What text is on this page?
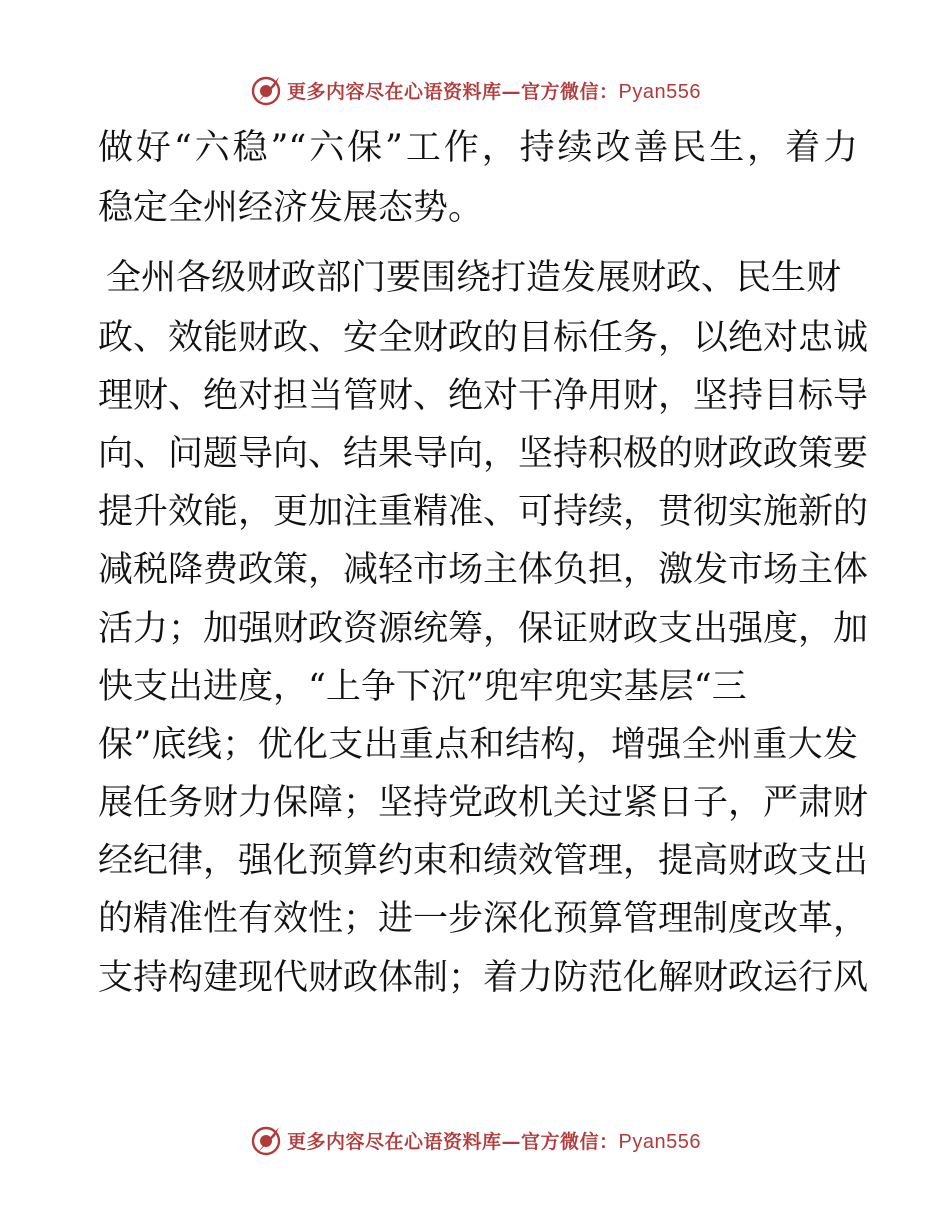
更多内容尽在心语资料库—官方微信：Pyan556
做好“六稳”“六保”工作，持续改善民生，着力
稳定全州经济发展态势。
全州各级财政部门要围绕打造发展财政、民生财
政、效能财政、安全财政的目标任务，以绝对忠诚
理财、绝对担当管财、绝对干净用财，坚持目标导
向、问题导向、结果导向，坚持积极的财政政策要
提升效能，更加注重精准、可持续，贯彻实施新的
减税降费政策，减轻市场主体负担，激发市场主体
活力；加强财政资源统筹，保证财政支出强度，加
快支出进度，“上争下沉”兜牢兜实基层“三
保”底线；优化支出重点和结构，增强全州重大发
展任务财力保障；坚持党政机关过紧日子，严肃财
经纪律，强化预算约束和绩效管理，提高财政支出
的精准性有效性；进一步深化预算管理制度改革，
支持构建现代财政体制；着力防范化解财政运行风
更多内容尽在心语资料库—官方微信：Pyan556
